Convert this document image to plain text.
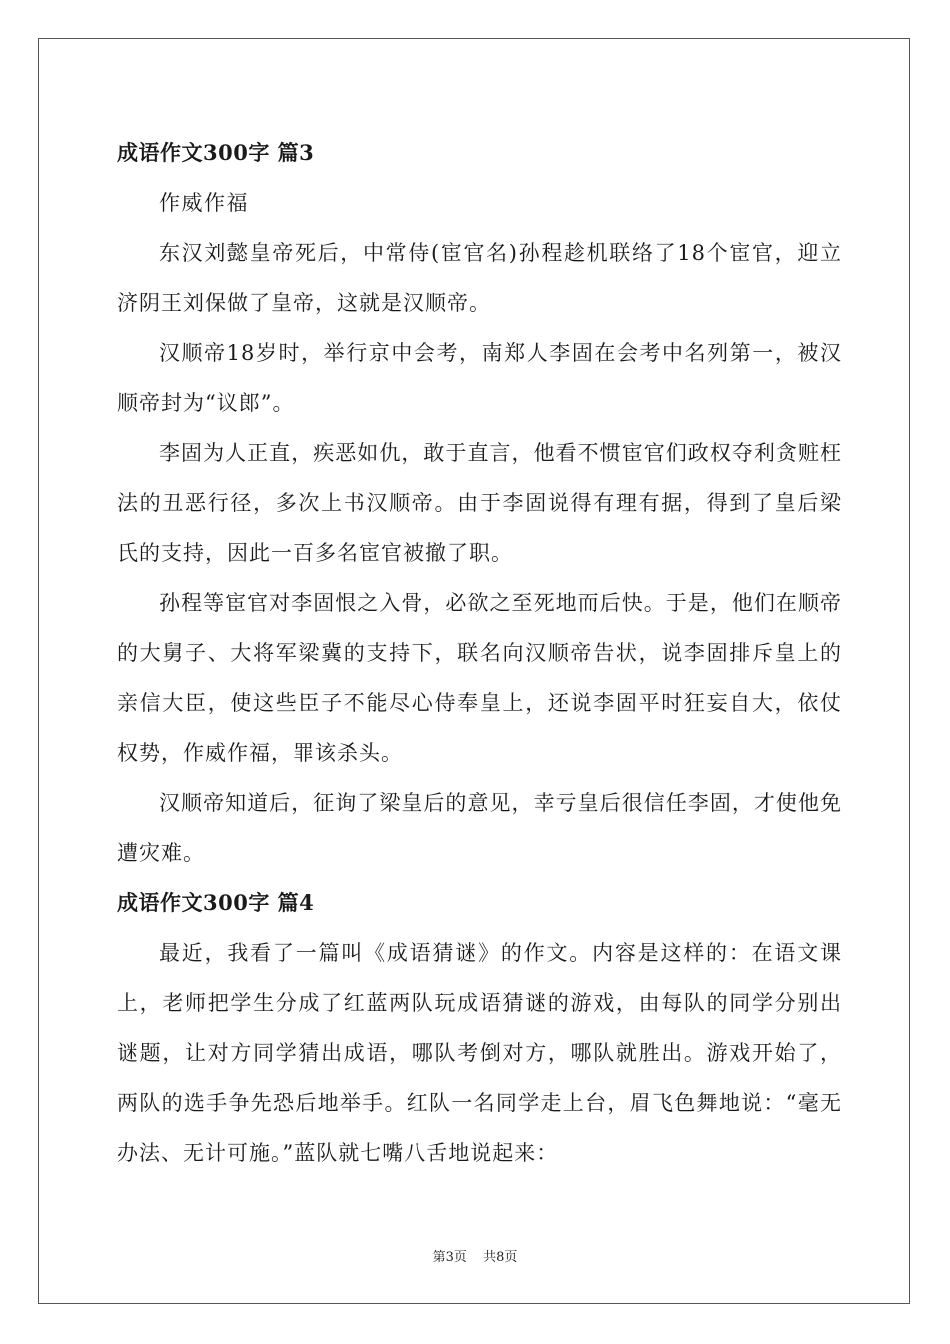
成语作文300字 篇3

作威作福

东汉刘懿皇帝死后，中常侍(宦官名)孙程趁机联络了18个宦官，迎立济阴王刘保做了皇帝，这就是汉顺帝。

汉顺帝18岁时，举行京中会考，南郑人李固在会考中名列第一，被汉顺帝封为“议郎”。

李固为人正直，疾恶如仇，敢于直言，他看不惯宦官们政权夺利贪赃枉法的丑恶行径，多次上书汉顺帝。由于李固说得有理有据，得到了皇后梁氏的支持，因此一百多名宦官被撤了职。

孙程等宦官对李固恨之入骨，必欲之至死地而后快。于是，他们在顺帝的大舅子、大将军梁冀的支持下，联名向汉顺帝告状，说李固排斥皇上的亲信大臣，使这些臣子不能尽心侍奉皇上，还说李固平时狂妄自大，依仗权势，作威作福，罪该杀头。

汉顺帝知道后，征询了梁皇后的意见，幸亏皇后很信任李固，才使他免遭灾难。

成语作文300字 篇4

最近，我看了一篇叫《成语猜谜》的作文。内容是这样的：在语文课上，老师把学生分成了红蓝两队玩成语猜谜的游戏，由每队的同学分别出谜题，让对方同学猜出成语，哪队考倒对方，哪队就胜出。游戏开始了，两队的选手争先恐后地举手。红队一名同学走上台，眉飞色舞地说：“毫无办法、无计可施。”蓝队就七嘴八舌地说起来：

第3页 共8页
